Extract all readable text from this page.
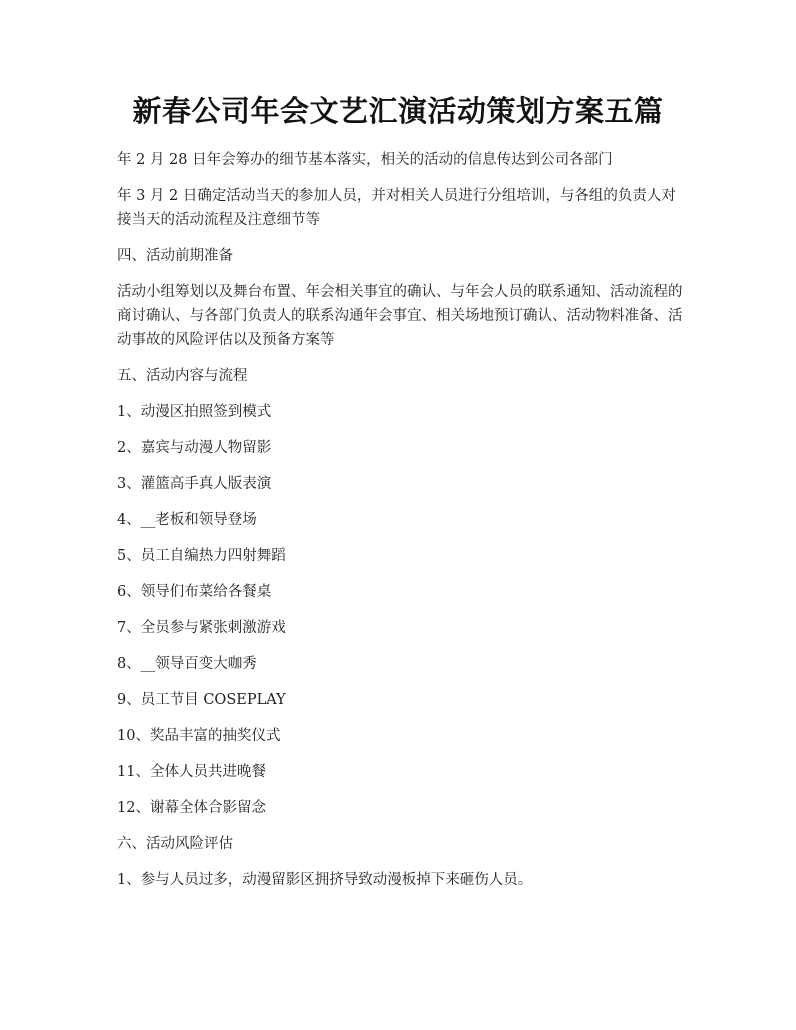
新春公司年会文艺汇演活动策划方案五篇

年 2 月 28 日年会筹办的细节基本落实，相关的活动的信息传达到公司各部门

年 3 月 2 日确定活动当天的参加人员，并对相关人员进行分组培训，与各组的负责人对接当天的活动流程及注意细节等

四、活动前期准备

活动小组筹划以及舞台布置、年会相关事宜的确认、与年会人员的联系通知、活动流程的商讨确认、与各部门负责人的联系沟通年会事宜、相关场地预订确认、活动物料准备、活动事故的风险评估以及预备方案等

五、活动内容与流程

1、动漫区拍照签到模式

2、嘉宾与动漫人物留影

3、灌篮高手真人版表演

4、__老板和领导登场

5、员工自编热力四射舞蹈

6、领导们布菜给各餐桌

7、全员参与紧张刺激游戏

8、__领导百变大咖秀

9、员工节目 COSEPLAY

10、奖品丰富的抽奖仪式

11、全体人员共进晚餐

12、谢幕全体合影留念

六、活动风险评估

1、参与人员过多，动漫留影区拥挤导致动漫板掉下来砸伤人员。
